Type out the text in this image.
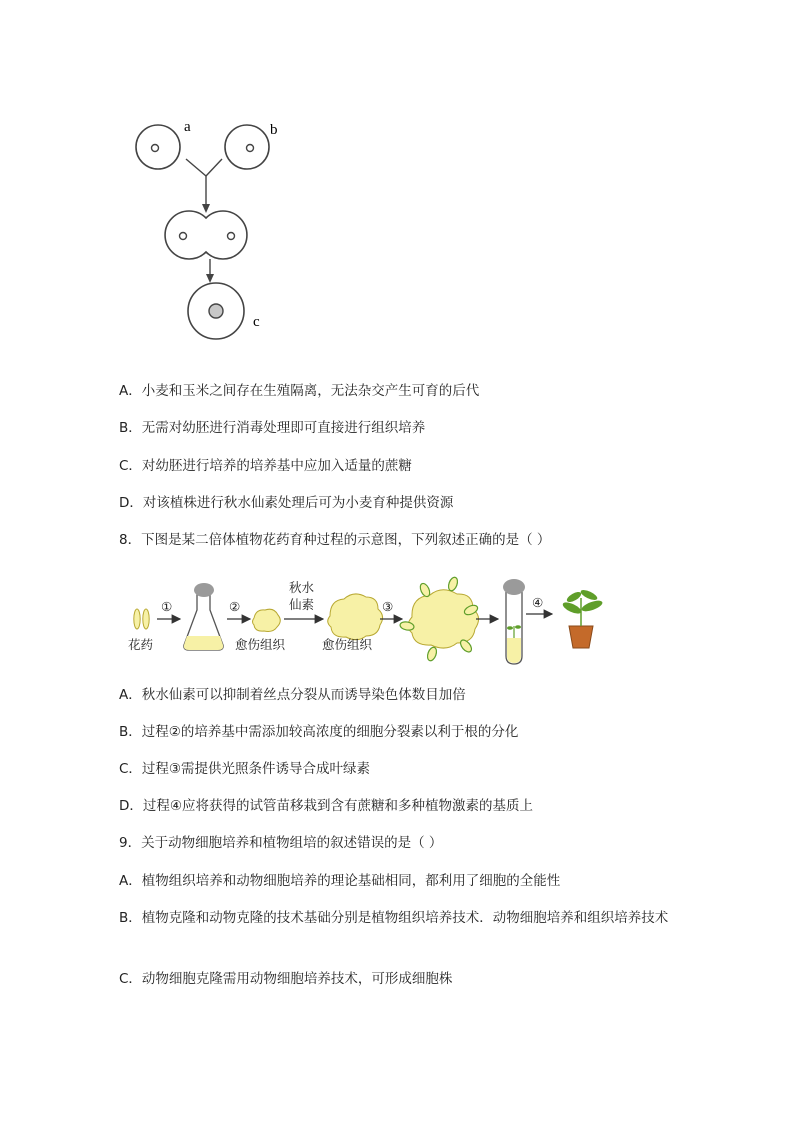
a	b
c
A．小麦和玉米之间存在生殖隔离，无法杂交产生可育的后代
B．无需对幼胚进行消毒处理即可直接进行组织培养
C．对幼胚进行培养的培养基中应加入适量的蔗糖
D．对该植株进行秋水仙素处理后可为小麦育种提供资源
8．下图是某二倍体植物花药育种过程的示意图，下列叙述正确的是（ ）
花药
①	②
愈伤组织
秋水
仙素
愈伤组织
③	④
A．秋水仙素可以抑制着丝点分裂从而诱导染色体数目加倍
B．过程②的培养基中需添加较高浓度的细胞分裂素以利于根的分化
C．过程③需提供光照条件诱导合成叶绿素
D．过程④应将获得的试管苗移栽到含有蔗糖和多种植物激素的基质上
9．关于动物细胞培养和植物组培的叙述错误的是（ ）
A．植物组织培养和动物细胞培养的理论基础相同，都利用了细胞的全能性
B．植物克隆和动物克隆的技术基础分别是植物组织培养技术．动物细胞培养和组织培养技术
C．动物细胞克隆需用动物细胞培养技术，可形成细胞株
